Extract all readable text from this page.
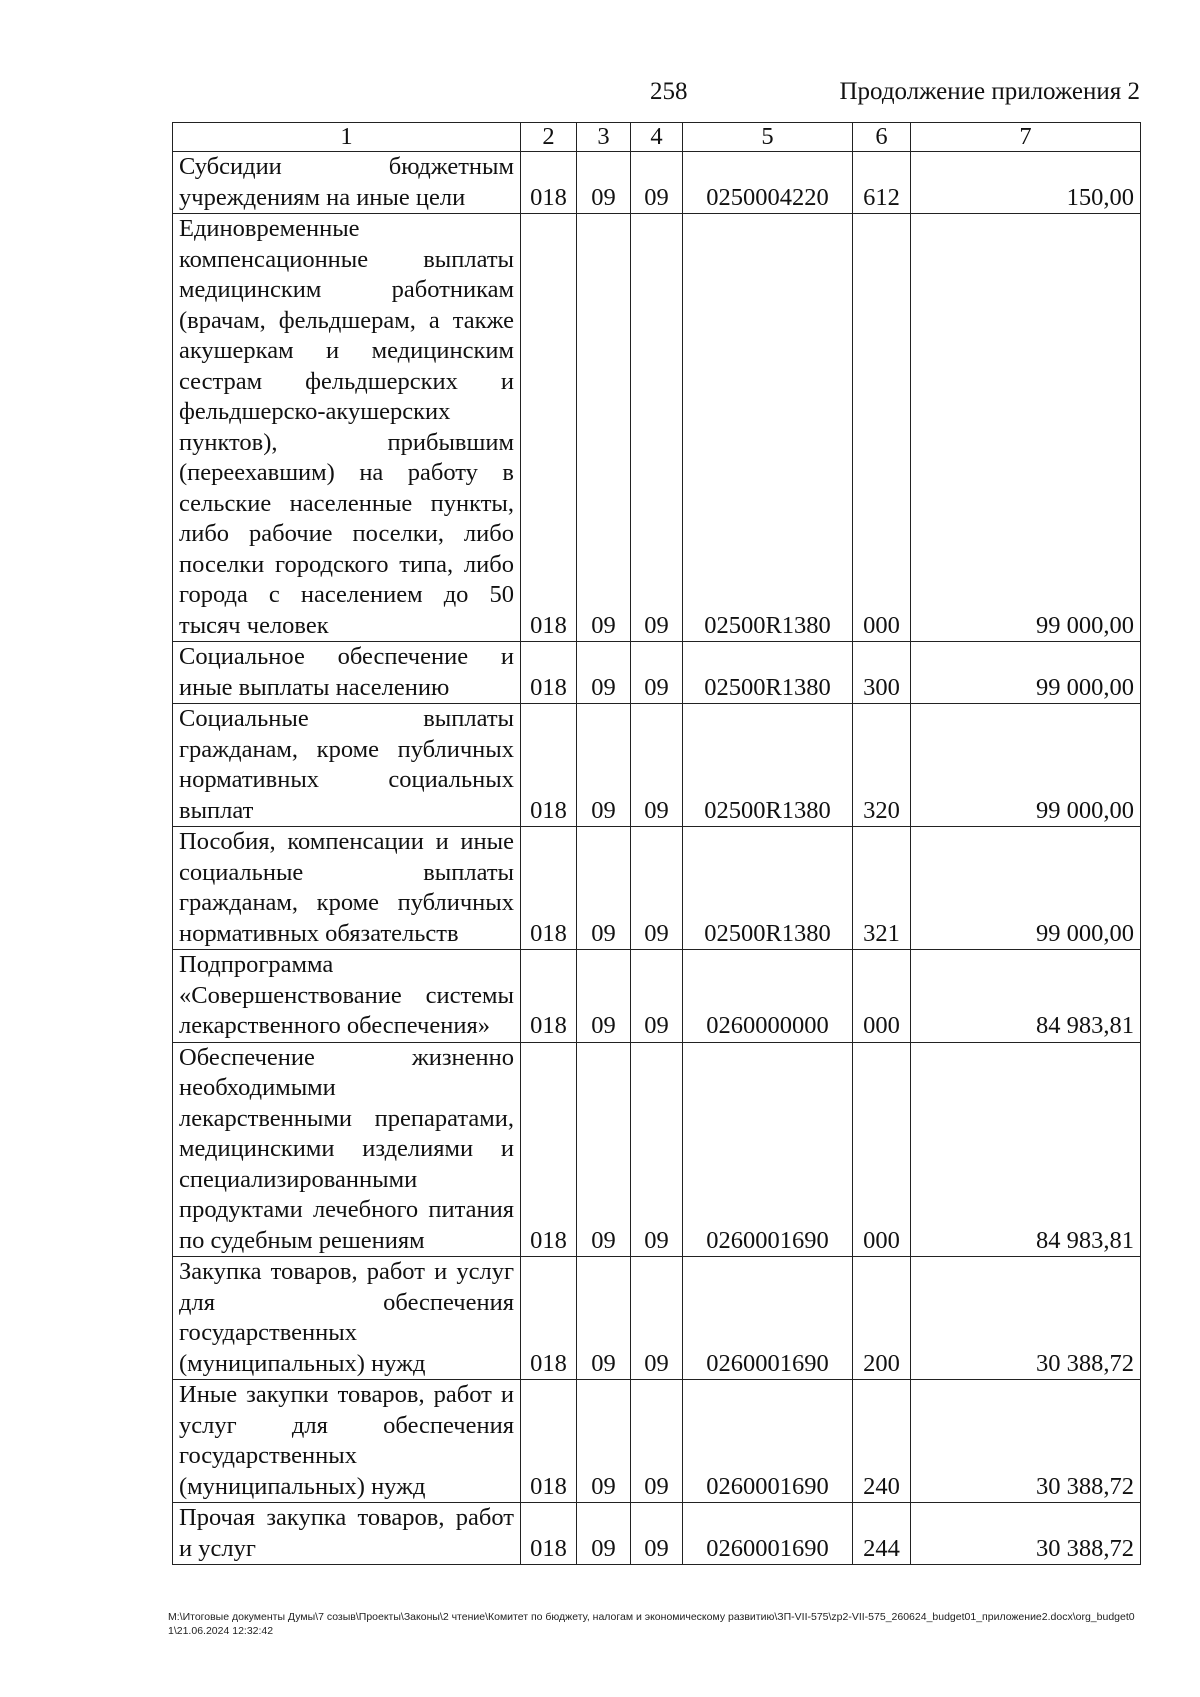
258	Продолжение приложения 2
1	2	3	4	5	6	7
Субсидии бюджетным учреждениям на иные цели	018	09	09	0250004220	612	150,00
Единовременные компенсационные выплаты медицинским работникам (врачам, фельдшерам, а также акушеркам и медицинским сестрам фельдшерских и фельдшерско-акушерских пунктов), прибывшим (переехавшим) на работу в сельские населенные пункты, либо рабочие поселки, либо поселки городского типа, либо города с населением до 50 тысяч человек	018	09	09	02500R1380	000	99 000,00
Социальное обеспечение и иные выплаты населению	018	09	09	02500R1380	300	99 000,00
Социальные выплаты гражданам, кроме публичных нормативных социальных выплат	018	09	09	02500R1380	320	99 000,00
Пособия, компенсации и иные социальные выплаты гражданам, кроме публичных нормативных обязательств	018	09	09	02500R1380	321	99 000,00
Подпрограмма «Совершенствование системы лекарственного обеспечения»	018	09	09	0260000000	000	84 983,81
Обеспечение жизненно необходимыми лекарственными препаратами, медицинскими изделиями и специализированными продуктами лечебного питания по судебным решениям	018	09	09	0260001690	000	84 983,81
Закупка товаров, работ и услуг для обеспечения государственных (муниципальных) нужд	018	09	09	0260001690	200	30 388,72
Иные закупки товаров, работ и услуг для обеспечения государственных (муниципальных) нужд	018	09	09	0260001690	240	30 388,72
Прочая закупка товаров, работ и услуг	018	09	09	0260001690	244	30 388,72
M:\Итоговые документы Думы\7 созыв\Проекты\Законы\2 чтение\Комитет по бюджету, налогам и экономическому развитию\ЗП-VII-575\zp2-VII-575_260624_budget01_приложение2.docx\org_budget01\21.06.2024 12:32:42
